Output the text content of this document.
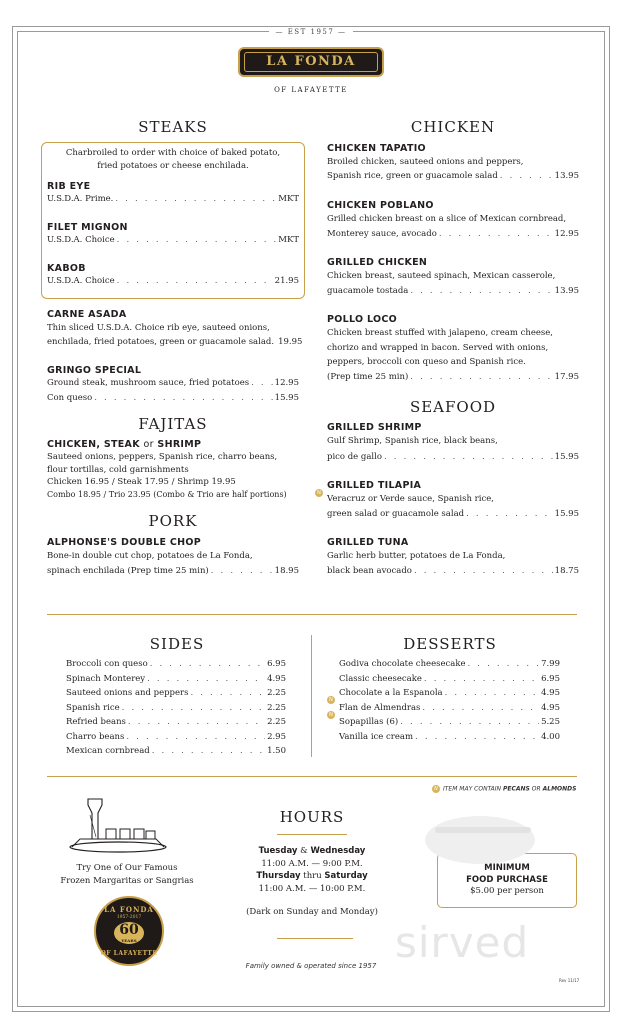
— EST 1957 —
LA FONDA
OF LAFAYETTE
STEAKS
Charbroiled to order with choice of baked potato,
fried potatoes or cheese enchilada.
RIB EYE
U.S.D.A. Prime. . . .	MKT
FILET MIGNON
U.S.D.A. Choice . . .	MKT
KABOB
U.S.D.A. Choice . . .	21.95
CARNE ASADA
Thin sliced U.S.D.A. Choice rib eye, sauteed onions,
enchilada, fried potatoes, green or guacamole salad. 19.95
GRINGO SPECIAL
Ground steak, mushroom sauce, fried potatoes . . .	12.95
Con queso . . .	15.95
FAJITAS
CHICKEN, STEAK or SHRIMP
Sauteed onions, peppers, Spanish rice, charro beans,
flour tortillas, cold garnishments
Chicken 16.95 / Steak 17.95 / Shrimp 19.95
Combo 18.95 / Trio 23.95 (Combo & Trio are half portions)
PORK
ALPHONSE'S DOUBLE CHOP
Bone-in double cut chop, potatoes de La Fonda,
spinach enchilada (Prep time 25 min) . . .	18.95
CHICKEN
CHICKEN TAPATIO
Broiled chicken, sauteed onions and peppers,
Spanish rice, green or guacamole salad . . .	13.95
CHICKEN POBLANO
Grilled chicken breast on a slice of Mexican cornbread,
Monterey sauce, avocado . . .	12.95
GRILLED CHICKEN
Chicken breast, sauteed spinach, Mexican casserole,
guacamole tostada . . .	13.95
POLLO LOCO
Chicken breast stuffed with jalapeno, cream cheese,
chorizo and wrapped in bacon. Served with onions,
peppers, broccoli con queso and Spanish rice.
(Prep time 25 min) . . .	17.95
SEAFOOD
GRILLED SHRIMP
Gulf Shrimp, Spanish rice, black beans,
pico de gallo . . .	15.95
N
GRILLED TILAPIA
Veracruz or Verde sauce, Spanish rice,
green salad or guacamole salad . . .	15.95
GRILLED TUNA
Garlic herb butter, potatoes de La Fonda,
black bean avocado . . .	18.75
SIDES
Broccoli con queso . . .	6.95
Spinach Monterey . . .	4.95
Sauteed onions and peppers . . .	2.25
Spanish rice . . .	2.25
Refried beans . . .	2.25
Charro beans . . .	2.95
Mexican cornbread . . .	1.50
DESSERTS
Godiva chocolate cheesecake . . .	7.99
Classic cheesecake . . .	6.95
Chocolate a la Espanola . . .	4.95
Flan de Almendras . . .	4.95
Sopapillas (6) . . .	5.25
Vanilla ice cream . . .	4.00
N
N
N ITEM MAY CONTAIN PECANS OR ALMONDS
Try One of Our Famous
Frozen Margaritas or Sangrias
LA FONDA
1957-2017
60
YEARS
OF LAFAYETTE
HOURS
Tuesday & Wednesday
11:00 A.M. — 9:00 P.M.
Thursday thru Saturday
11:00 A.M. — 10:00 P.M.
(Dark on Sunday and Monday)
MINIMUM
FOOD PURCHASE
$5.00 per person
sirved
Family owned & operated since 1957
Rev 11/17
